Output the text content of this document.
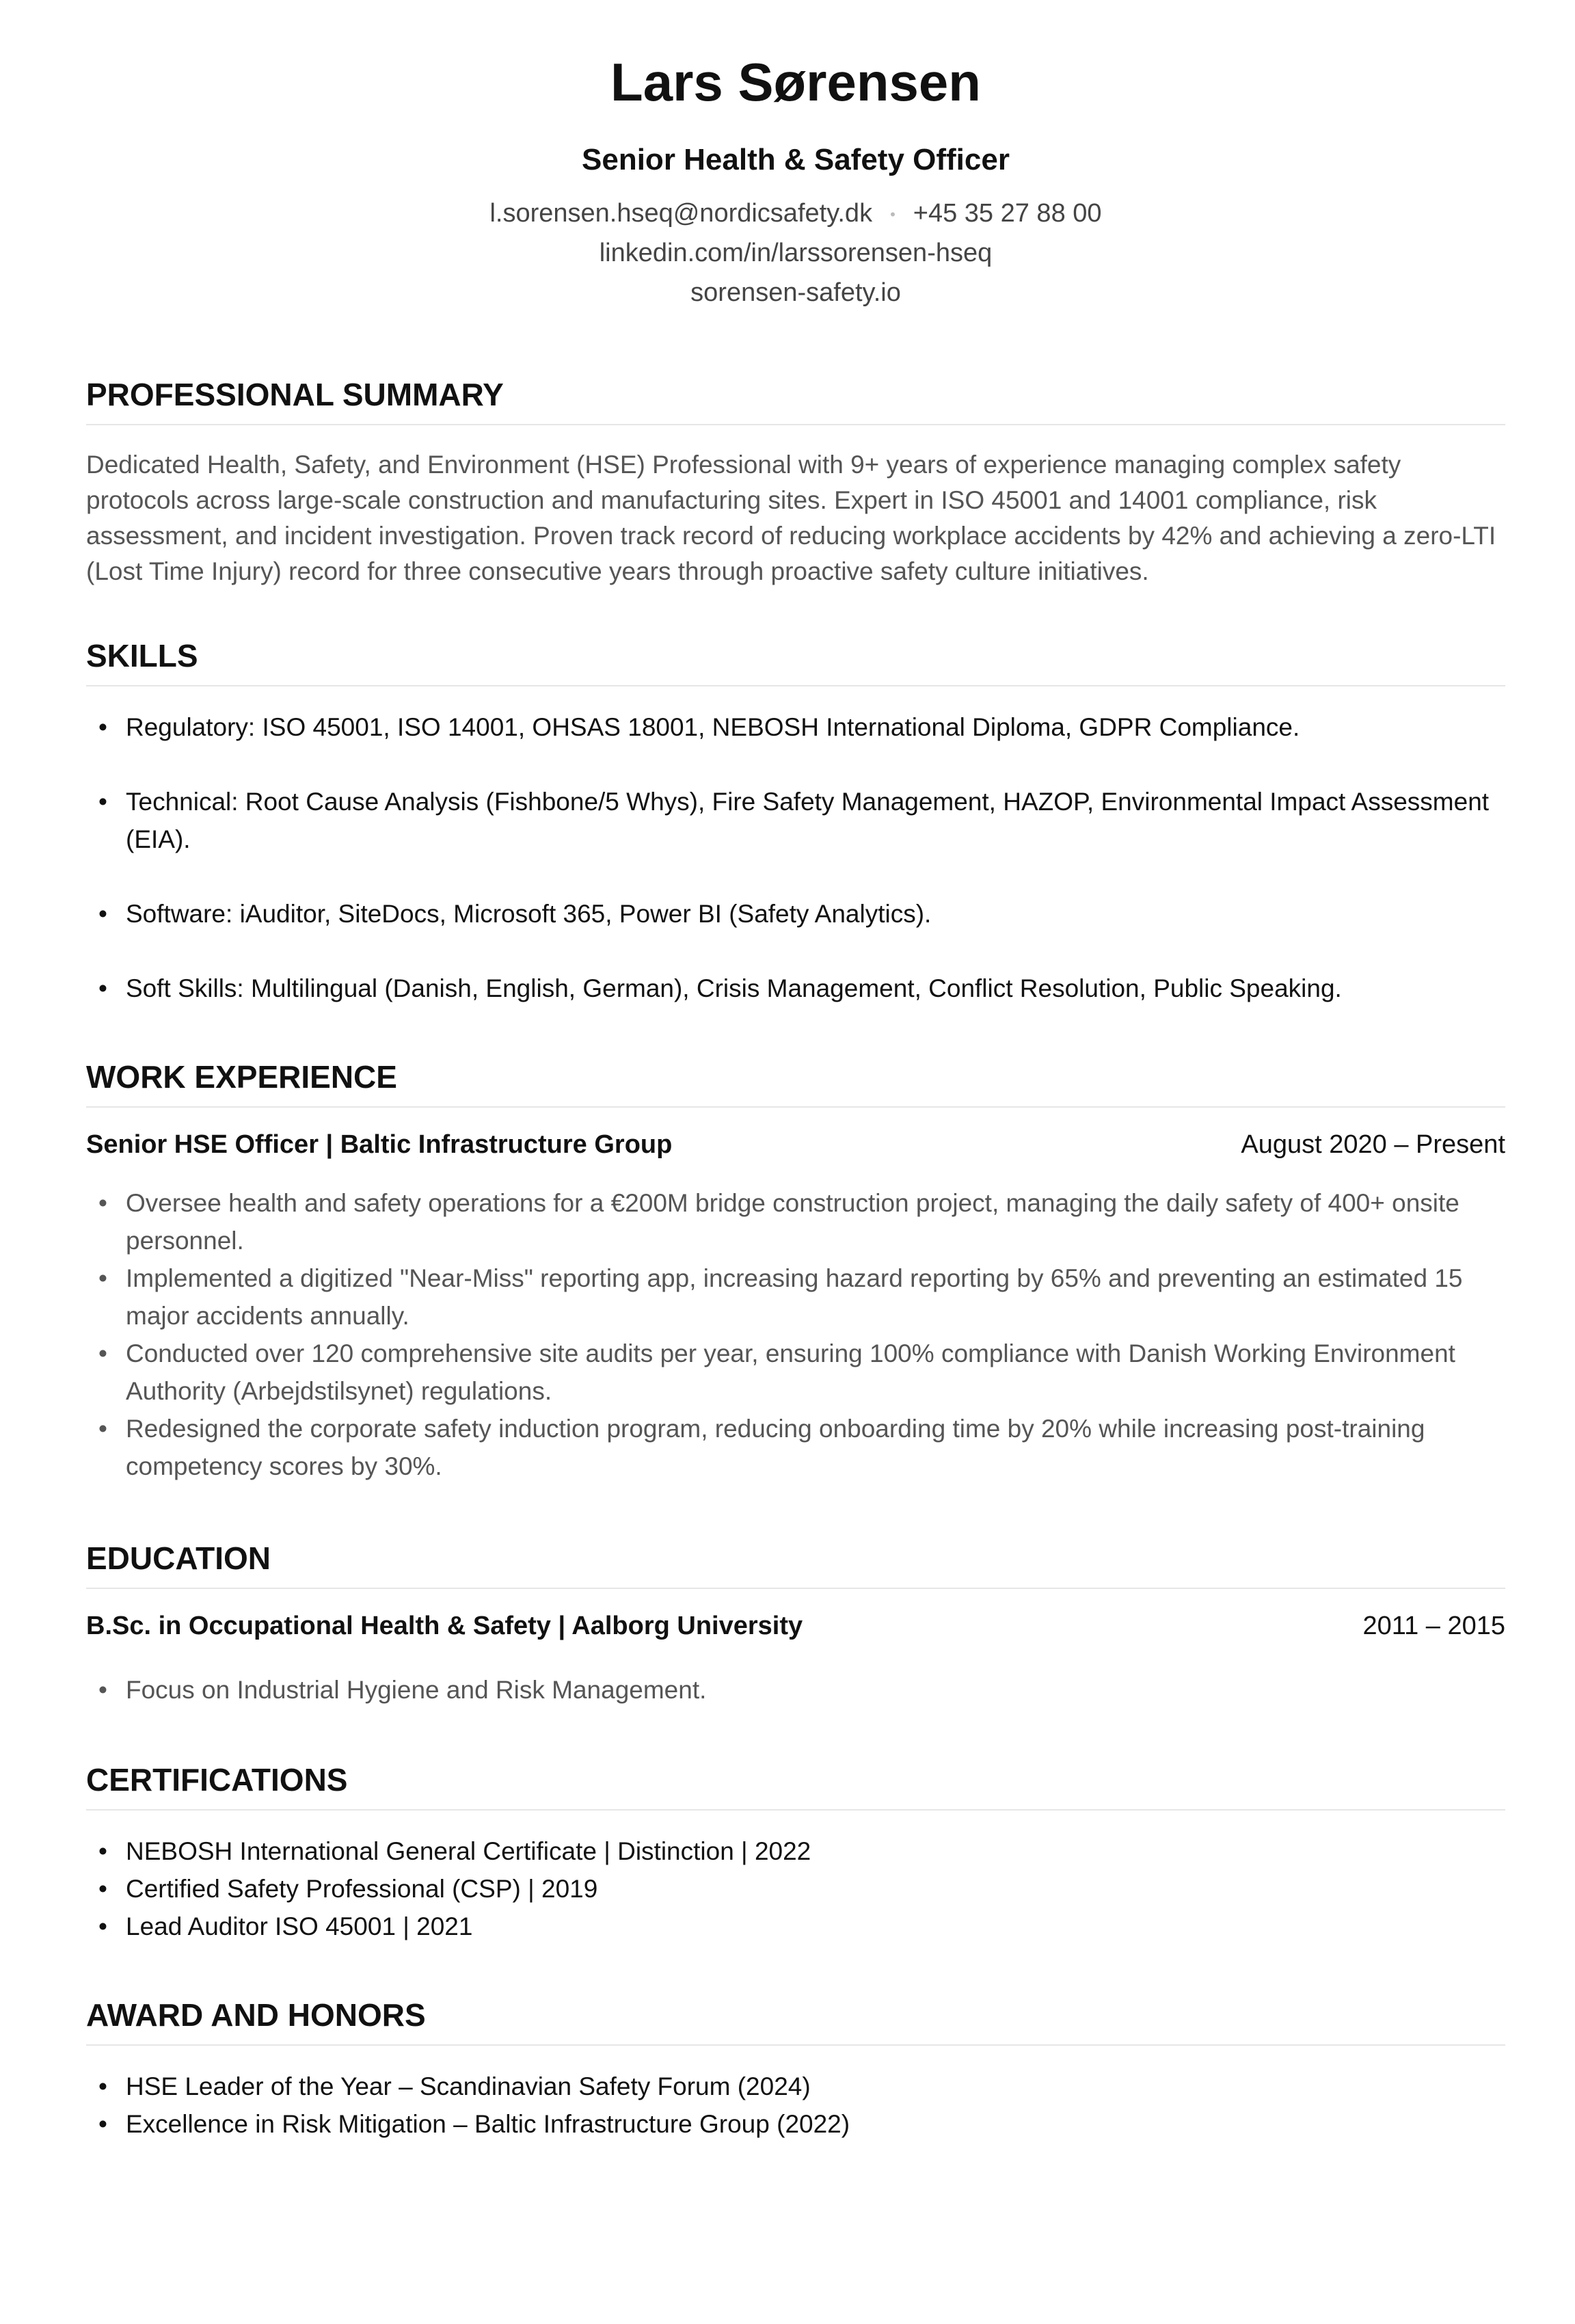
Lars Sørensen
Senior Health & Safety Officer
l.sorensen.hseq@nordicsafety.dk • +45 35 27 88 00
linkedin.com/in/larssorensen-hseq
sorensen-safety.io
PROFESSIONAL SUMMARY
Dedicated Health, Safety, and Environment (HSE) Professional with 9+ years of experience managing complex safety protocols across large-scale construction and manufacturing sites. Expert in ISO 45001 and 14001 compliance, risk assessment, and incident investigation. Proven track record of reducing workplace accidents by 42% and achieving a zero-LTI (Lost Time Injury) record for three consecutive years through proactive safety culture initiatives.
SKILLS
• Regulatory: ISO 45001, ISO 14001, OHSAS 18001, NEBOSH International Diploma, GDPR Compliance.
• Technical: Root Cause Analysis (Fishbone/5 Whys), Fire Safety Management, HAZOP, Environmental Impact Assessment (EIA).
• Software: iAuditor, SiteDocs, Microsoft 365, Power BI (Safety Analytics).
• Soft Skills: Multilingual (Danish, English, German), Crisis Management, Conflict Resolution, Public Speaking.
WORK EXPERIENCE
Senior HSE Officer | Baltic Infrastructure Group	August 2020 – Present
• Oversee health and safety operations for a €200M bridge construction project, managing the daily safety of 400+ onsite personnel.
• Implemented a digitized "Near-Miss" reporting app, increasing hazard reporting by 65% and preventing an estimated 15 major accidents annually.
• Conducted over 120 comprehensive site audits per year, ensuring 100% compliance with Danish Working Environment Authority (Arbejdstilsynet) regulations.
• Redesigned the corporate safety induction program, reducing onboarding time by 20% while increasing post-training competency scores by 30%.
EDUCATION
B.Sc. in Occupational Health & Safety | Aalborg University	2011 – 2015
• Focus on Industrial Hygiene and Risk Management.
CERTIFICATIONS
• NEBOSH International General Certificate | Distinction | 2022
• Certified Safety Professional (CSP) | 2019
• Lead Auditor ISO 45001 | 2021
AWARD AND HONORS
• HSE Leader of the Year – Scandinavian Safety Forum (2024)
• Excellence in Risk Mitigation – Baltic Infrastructure Group (2022)
